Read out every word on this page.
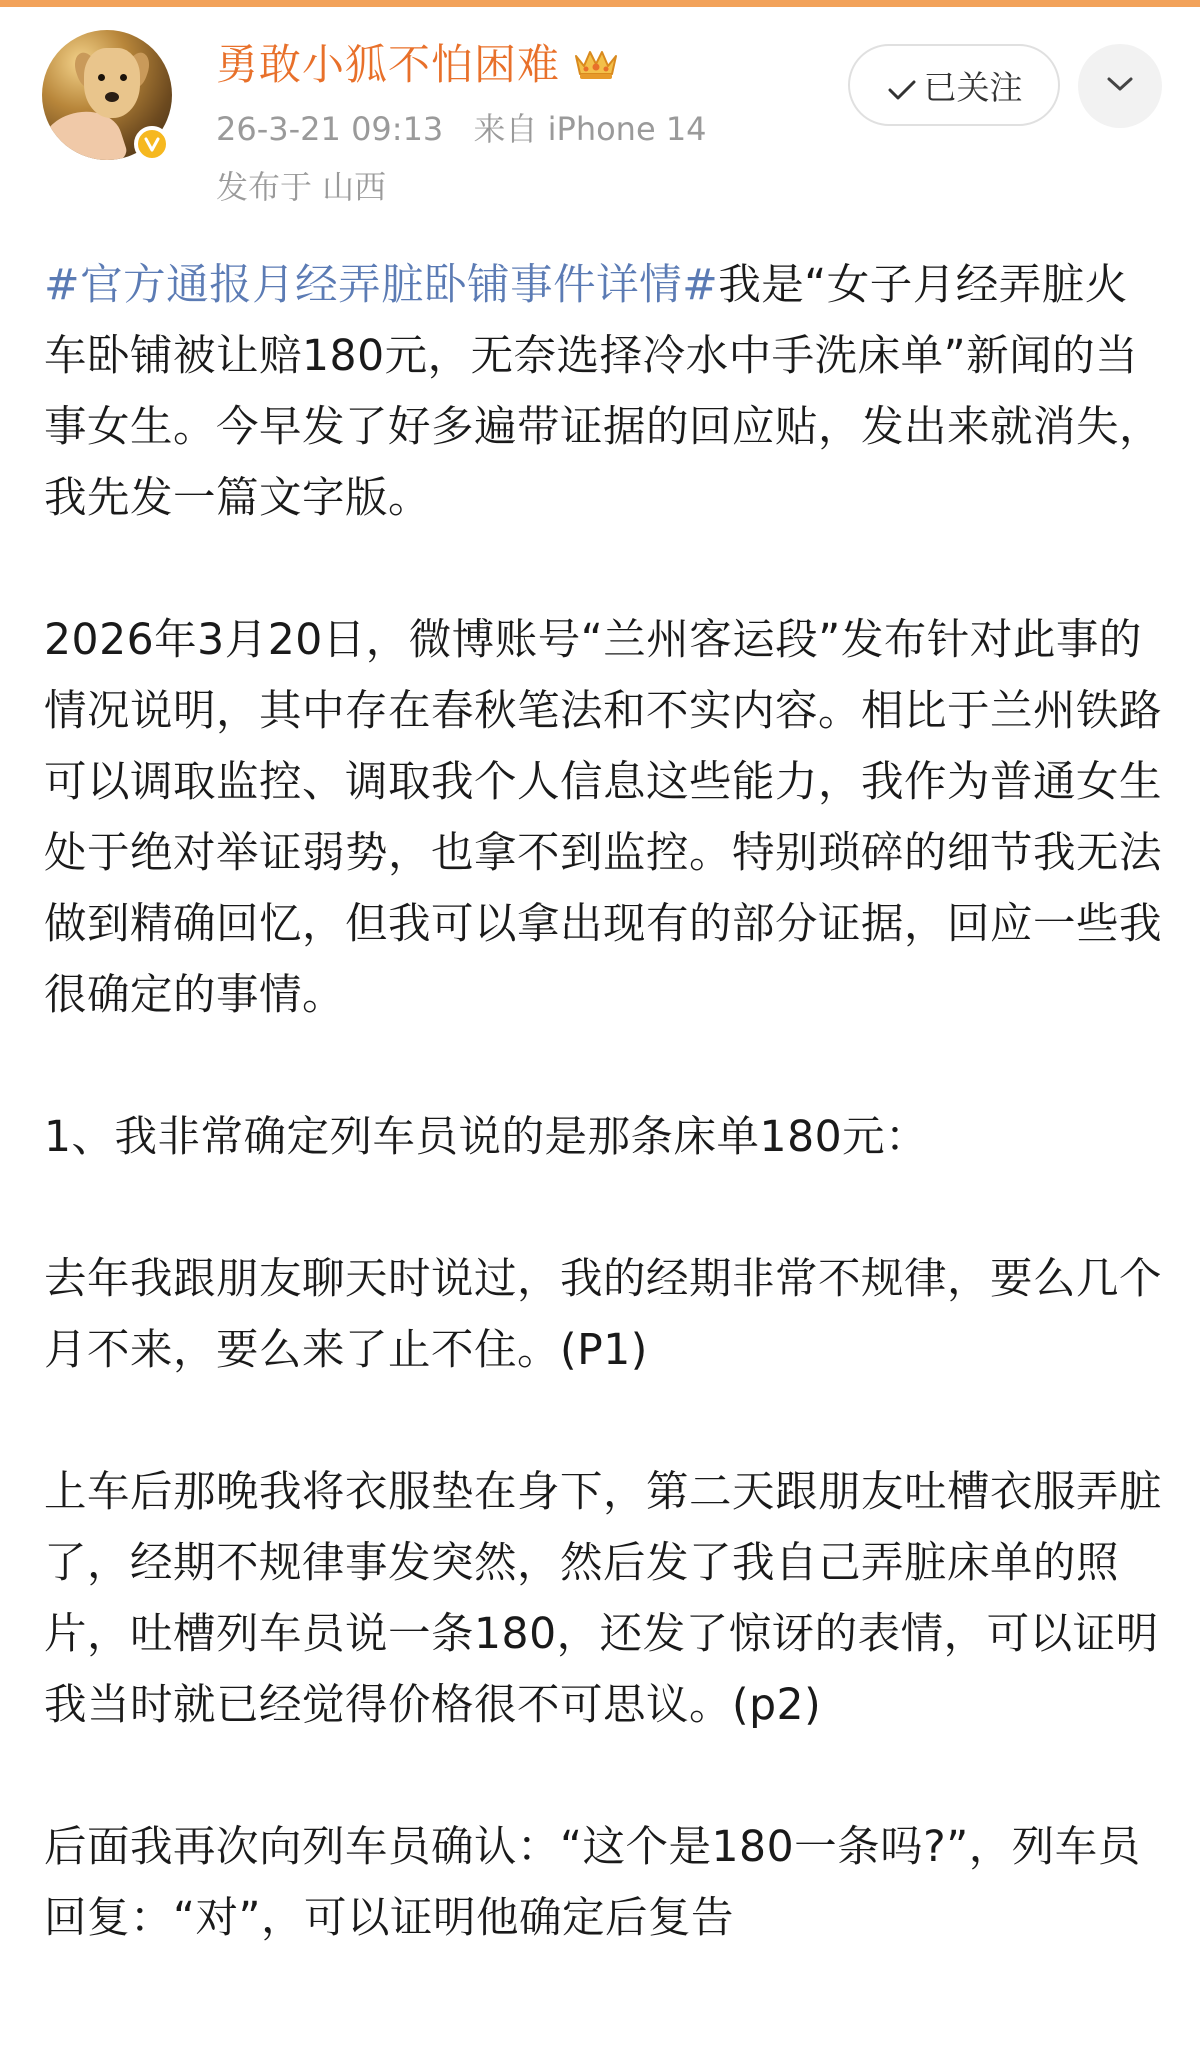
勇敢小狐不怕困难
26-3-21 09:13 来自 iPhone 14
发布于 山西
已关注

#官方通报月经弄脏卧铺事件详情#我是“女子月经弄脏火车卧铺被让赔180元，无奈选择冷水中手洗床单”新闻的当事女生。今早发了好多遍带证据的回应贴，发出来就消失，我先发一篇文字版。

2026年3月20日，微博账号“兰州客运段”发布针对此事的情况说明，其中存在春秋笔法和不实内容。相比于兰州铁路可以调取监控、调取我个人信息这些能力，我作为普通女生处于绝对举证弱势，也拿不到监控。特别琐碎的细节我无法做到精确回忆，但我可以拿出现有的部分证据，回应一些我很确定的事情。

1、我非常确定列车员说的是那条床单180元：

去年我跟朋友聊天时说过，我的经期非常不规律，要么几个月不来，要么来了止不住。(P1)

上车后那晚我将衣服垫在身下，第二天跟朋友吐槽衣服弄脏了，经期不规律事发突然，然后发了我自己弄脏床单的照片，吐槽列车员说一条180，还发了惊讶的表情，可以证明我当时就已经觉得价格很不可思议。(p2)

后面我再次向列车员确认：“这个是180一条吗?”，列车员回复：“对”，可以证明他确定后复告
